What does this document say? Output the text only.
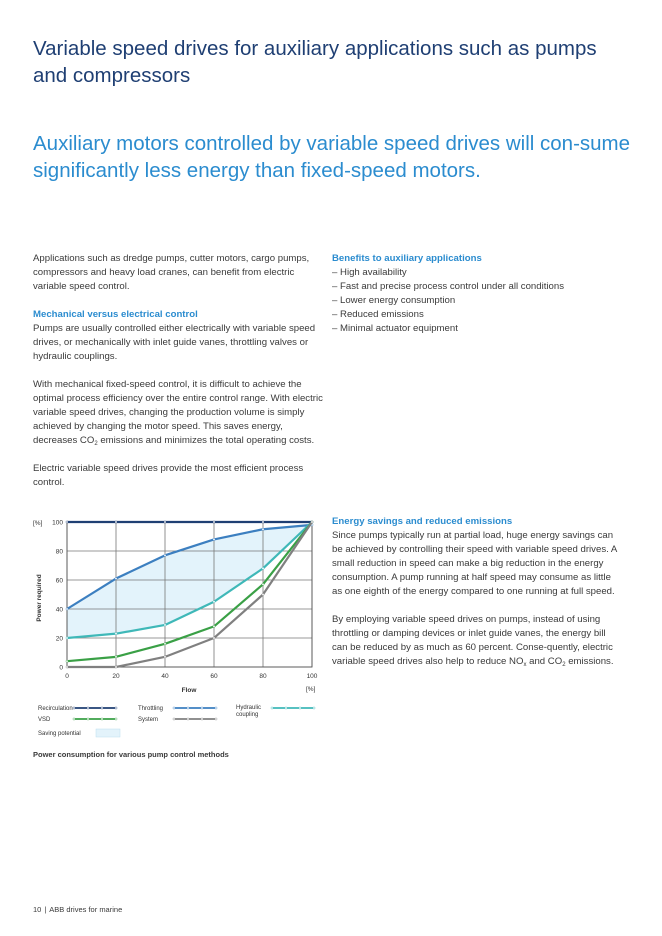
Variable speed drives for auxiliary applications such as pumps and compressors
Auxiliary motors controlled by variable speed drives will con-sume significantly less energy than fixed-speed motors.

Applications such as dredge pumps, cutter motors, cargo pumps, compressors and heavy load cranes, can benefit from electric variable speed control.

Mechanical versus electrical control

Pumps are usually controlled either electrically with variable speed drives, or mechanically with inlet guide vanes, throttling valves or hydraulic couplings.

With mechanical fixed-speed control, it is difficult to achieve the optimal process efficiency over the entire control range. With electric variable speed drives, changing the production volume is simply achieved by changing the motor speed. This saves energy, decreases $CO_2$ emissions and minimizes the total operating costs.

Electric variable speed drives provide the most efficient process control.

Benefits to auxiliary applications
– High availability
– Fast and precise process control under all conditions
– Lower energy consumption
– Reduced emissions
– Minimal actuator equipment
Energy savings and reduced emissions

Since pumps typically run at partial load, huge energy savings can be achieved by controlling their speed with variable speed drives. A small reduction in speed can make a big reduction in the energy consumption. A pump running at half speed may consume as little as one eighth of the energy compared to one running at full speed.

By employing variable speed drives on pumps, instead of using throttling or damping devices or inlet guide vanes, the energy bill can be reduced by as much as 60 percent. Conse-quently, electric variable speed drives also help to reduce $NO_x$ and $CO_2$ emissions.

0	20	40	60	80	100
0
20
40
60
80
100
[%]
[%]
Power required
Flow
Recirculation	Throttling	Hydraulic coupling
VSD	System
Saving potential
Power consumption for various pump control methods
10 | ABB drives for marine
